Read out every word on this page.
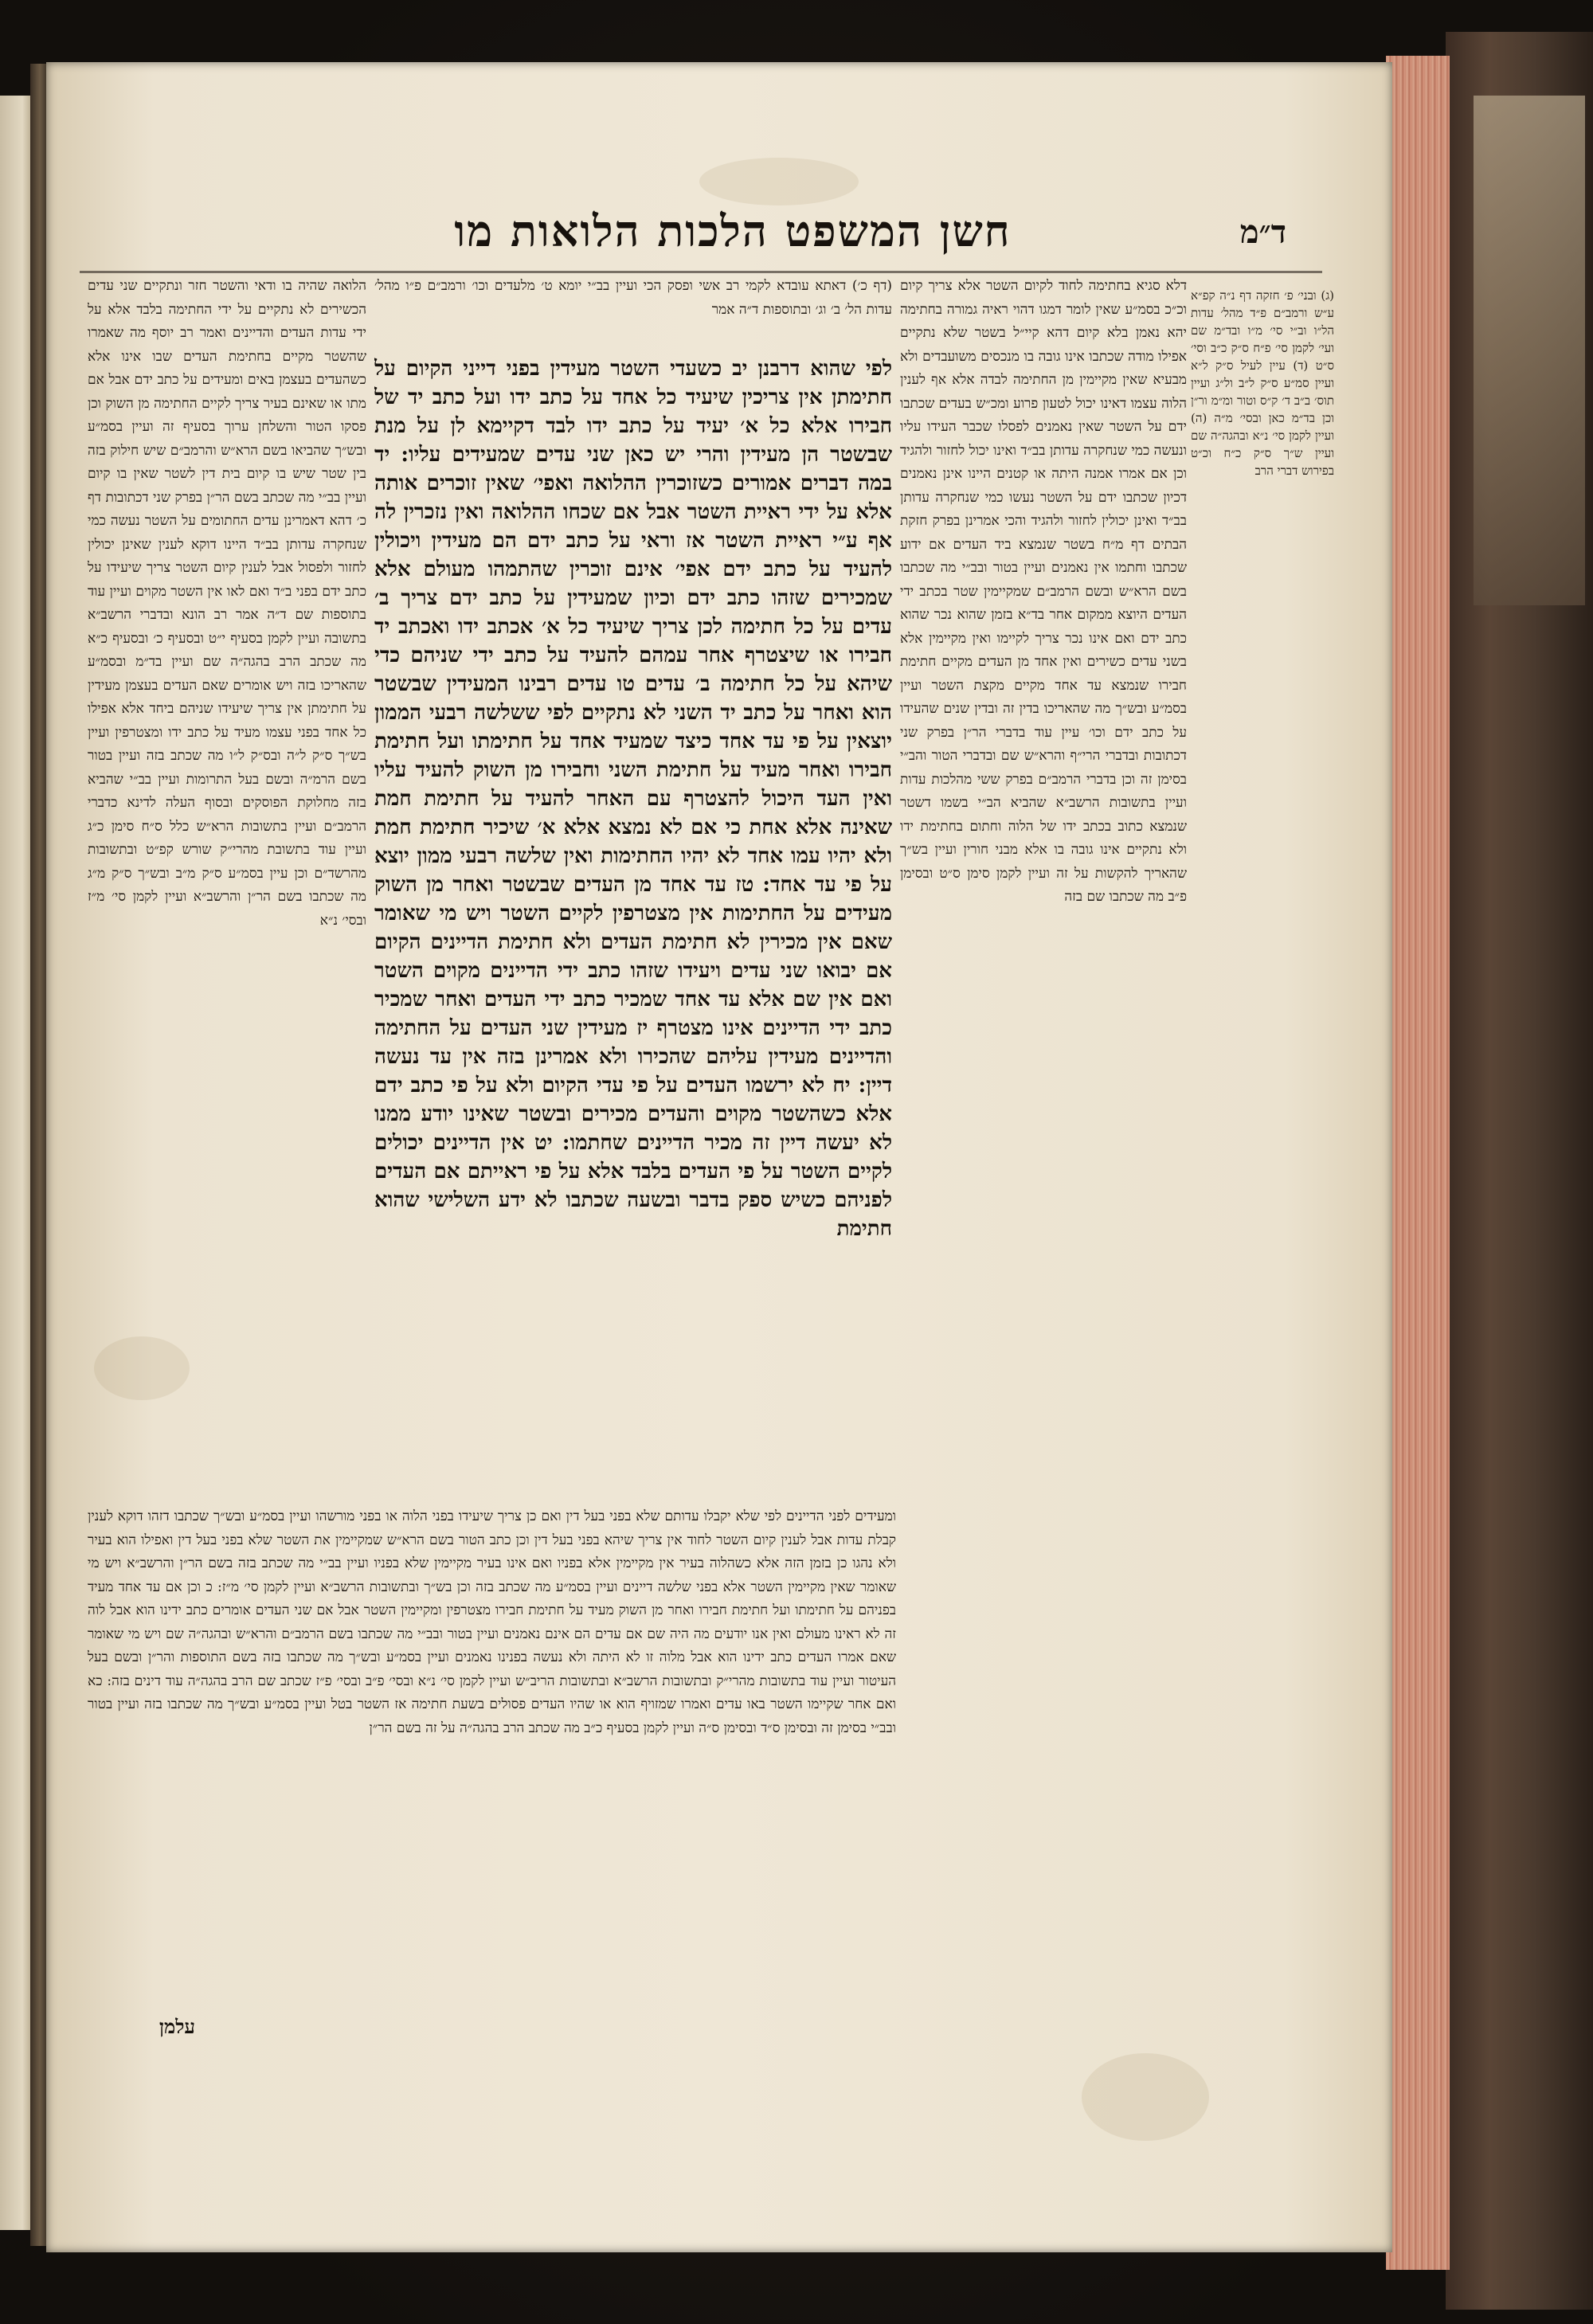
חשן המשפט הלכות הלואות מו	ד״מ
(ג) ובני׳ פ׳ חזקה דף נ״ה קפ״א ע״ש ורמב״ם פ״ד מהל׳ עדות הל״ו וב״י סי׳ מ״ו ובד״מ שם ועי׳ לקמן סי׳ פ״ח ס״ק כ״ב וסי׳ ס״ט (ד) עיין לעיל ס״ק ל״א ועיין סמ״ע ס״ק ל״ב ול״ג ועיין תוס׳ ב״ב ד׳ ק״ס וטור ומ״מ ור״ן וכן בד״מ כאן ובסי׳ מ״ה (ה) ועיין לקמן סי׳ נ״א ובהגה״ה שם ועיין ש״ך ס״ק כ״ח וכ״ט בפירוש דברי הרב
דלא סגיא בחתימה לחוד לקיום השטר אלא צריך קיום וכ״כ בסמ״ע שאין לומר דמגו דהוי ראיה גמורה בחתימה יהא נאמן בלא קיום דהא קיי״ל בשטר שלא נתקיים אפילו מודה שכתבו אינו גובה בו מנכסים משועבדים ולא מבעיא שאין מקיימין מן החתימה לבדה אלא אף לענין הלוה עצמו דאינו יכול לטעון פרוע ומכ״ש בעדים שכתבו ידם על השטר שאין נאמנים לפסלו שכבר העידו עליו ונעשה כמי שנחקרה עדותן בב״ד ואינו יכול לחזור ולהגיד וכן אם אמרו אמנה היתה או קטנים היינו אינן נאמנים דכיון שכתבו ידם על השטר נעשו כמי שנחקרה עדותן בב״ד ואינן יכולין לחזור ולהגיד והכי אמרינן בפרק חזקת הבתים דף מ״ח בשטר שנמצא ביד העדים אם ידוע שכתבו וחתמו אין נאמנים ועיין בטור ובב״י מה שכתבו בשם הרא״ש ובשם הרמב״ם שמקיימין שטר בכתב ידי העדים היוצא ממקום אחר בד״א בזמן שהוא נכר שהוא כתב ידם ואם אינו נכר צריך לקיימו ואין מקיימין אלא בשני עדים כשירים ואין אחד מן העדים מקיים חתימת חבירו שנמצא עד אחד מקיים מקצת השטר ועיין בסמ״ע ובש״ך מה שהאריכו בדין זה ובדין שנים שהעידו על כתב ידם וכו׳ עיין עוד בדברי הר״ן בפרק שני דכתובות ובדברי הרי״ף והרא״ש שם ובדברי הטור והב״י בסימן זה וכן בדברי הרמב״ם בפרק ששי מהלכות עדות ועיין בתשובות הרשב״א שהביא הב״י בשמו דשטר שנמצא כתוב בכתב ידו של הלוה וחתום בחתימת ידו ולא נתקיים אינו גובה בו אלא מבני חורין ועיין בש״ך שהאריך להקשות על זה ועיין לקמן סימן ס״ט ובסימן פ״ב מה שכתבו שם בזה
(דף כ׳) דאתא עובדא לקמי רב אשי ופסק הכי ועיין בב״י יומא ט׳ מלעדים וכו׳ ורמב״ם פ״ו מהל׳ עדות הל׳ ב׳ וג׳ ובתוספות ד״ה אמר
לפי שהוא דרבנן יב כשעדי השטר מעידין בפני דייני הקיום על חתימתן אין צריכין שיעיד כל אחד על כתב ידו ועל כתב יד של חבירו אלא כל א׳ יעיד על כתב ידו לבד דקיימא לן על מנת שבשטר הן מעידין והרי יש כאן שני עדים שמעידים עליו: יד במה דברים אמורים כשזוכרין ההלואה ואפי׳ שאין זוכרים אותה אלא על ידי ראיית השטר אבל אם שכחו ההלואה ואין נזכרין לה אף ע״י ראיית השטר אז וראי על כתב ידם הם מעידין ויכולין להעיד על כתב ידם אפי׳ אינם זוכרין שהתמהו מעולם אלא שמכירים שזהו כתב ידם וכיון שמעידין על כתב ידם צריך ב׳ עדים על כל חתימה לכן צריך שיעיד כל א׳ אכתב ידו ואכתב יד חבירו או שיצטרף אחר עמהם להעיד על כתב ידי שניהם כדי שיהא על כל חתימה ב׳ עדים טו עדים רבינו המעידין שבשטר הוא ואחר על כתב יד השני לא נתקיים לפי ששלשה רבעי הממון יוצאין על פי עד אחד כיצד שמעיד אחד על חתימתו ועל חתימת חבירו ואחר מעיד על חתימת השני וחבירו מן השוק להעיד עליו ואין העד היכול להצטרף עם האחר להעיד על חתימת חמת שאינה אלא אחת כי אם לא נמצא אלא א׳ שיכיר חתימת חמת ולא יהיו עמו אחד לא יהיו החתימות ואין שלשה רבעי ממון יוצא על פי עד אחד: טז עד אחד מן העדים שבשטר ואחר מן השוק מעידים על החתימות אין מצטרפין לקיים השטר ויש מי שאומר שאם אין מכירין לא חתימת העדים ולא חתימת הדיינים הקיום אם יבואו שני עדים ויעידו שזהו כתב ידי הדיינים מקוים השטר ואם אין שם אלא עד אחד שמכיר כתב ידי העדים ואחר שמכיר כתב ידי הדיינים אינו מצטרף יז מעידין שני העדים על החתימה והדיינים מעידין עליהם שהכירו ולא אמרינן בזה אין עד נעשה דיין: יח לא ירשמו העדים על פי עדי הקיום ולא על פי כתב ידם אלא כשהשטר מקוים והעדים מכירים ובשטר שאינו יודע ממנו לא יעשה דיין זה מכיר הדיינים שחתמו: יט אין הדיינים יכולים לקיים השטר על פי העדים בלבד אלא על פי ראייתם אם העדים לפניהם כשיש ספק בדבר ובשעה שכתבו לא ידע השלישי שהוא חתימת
הלואה שהיה בו ודאי והשטר חזר ונתקיים שני עדים הכשירים לא נתקיים על ידי החתימה בלבד אלא על ידי עדות העדים והדיינים ואמר רב יוסף מה שאמרו שהשטר מקיים בחתימת העדים שבו אינו אלא כשהעדים בעצמן באים ומעידים על כתב ידם אבל אם מתו או שאינם בעיר צריך לקיים החתימה מן השוק וכן פסקו הטור והשלחן ערוך בסעיף זה ועיין בסמ״ע ובש״ך שהביאו בשם הרא״ש והרמב״ם שיש חילוק בזה בין שטר שיש בו קיום בית דין לשטר שאין בו קיום ועיין בב״י מה שכתב בשם הר״ן בפרק שני דכתובות דף כ׳ דהא דאמרינן עדים החתומים על השטר נעשה כמי שנחקרה עדותן בב״ד היינו דוקא לענין שאינן יכולין לחזור ולפסול אבל לענין קיום השטר צריך שיעידו על כתב ידם בפני ב״ד ואם לאו אין השטר מקוים ועיין עוד בתוספות שם ד״ה אמר רב הונא ובדברי הרשב״א בתשובה ועיין לקמן בסעיף י״ט ובסעיף כ׳ ובסעיף כ״א מה שכתב הרב בהגה״ה שם ועיין בד״מ ובסמ״ע שהאריכו בזה ויש אומרים שאם העדים בעצמן מעידין על חתימתן אין צריך שיעידו שניהם ביחד אלא אפילו כל אחד בפני עצמו מעיד על כתב ידו ומצטרפין ועיין בש״ך ס״ק ל״ה ובס״ק ל״ו מה שכתב בזה ועיין בטור בשם הרמ״ה ובשם בעל התרומות ועיין בב״י שהביא בזה מחלוקת הפוסקים ובסוף העלה לדינא כדברי הרמב״ם ועיין בתשובות הרא״ש כלל ס״ח סימן כ״ג ועיין עוד בתשובת מהרי״ק שורש קפ״ט ובתשובות מהרשד״ם וכן עיין בסמ״ע ס״ק מ״ב ובש״ך ס״ק מ״ג מה שכתבו בשם הר״ן והרשב״א ועיין לקמן סי׳ מ״ז ובסי׳ נ״א
ומעידים לפני הדיינים לפי שלא יקבלו עדותם שלא בפני בעל דין ואם כן צריך שיעידו בפני הלוה או בפני מורשהו ועיין בסמ״ע ובש״ך שכתבו דזהו דוקא לענין קבלת עדות אבל לענין קיום השטר לחוד אין צריך שיהא בפני בעל דין וכן כתב הטור בשם הרא״ש שמקיימין את השטר שלא בפני בעל דין ואפילו הוא בעיר ולא נהגו כן בזמן הזה אלא כשהלוה בעיר אין מקיימין אלא בפניו ואם אינו בעיר מקיימין שלא בפניו ועיין בב״י מה שכתב בזה בשם הר״ן והרשב״א ויש מי שאומר שאין מקיימין השטר אלא בפני שלשה דיינים ועיין בסמ״ע מה שכתב בזה וכן בש״ך ובתשובות הרשב״א ועיין לקמן סי׳ מ״ז: כ וכן אם עד אחד מעיד בפניהם על חתימתו ועל חתימת חבירו ואחר מן השוק מעיד על חתימת חבירו מצטרפין ומקיימין השטר אבל אם שני העדים אומרים כתב ידינו הוא אבל לוה זה לא ראינו מעולם ואין אנו יודעים מה היה שם אם עדים הם אינם נאמנים ועיין בטור ובב״י מה שכתבו בשם הרמב״ם והרא״ש ובהגה״ה שם ויש מי שאומר שאם אמרו העדים כתב ידינו הוא אבל מלוה זו לא היתה ולא נעשה בפנינו נאמנים ועיין בסמ״ע ובש״ך מה שכתבו בזה בשם התוספות והר״ן ובשם בעל העיטור ועיין עוד בתשובות מהרי״ק ובתשובות הרשב״א ובתשובות הריב״ש ועיין לקמן סי׳ נ״א ובסי׳ פ״ב ובסי׳ פ״ז שכתב שם הרב בהגה״ה עוד דינים בזה: כא ואם אחר שקיימו השטר באו עדים ואמרו שמזויף הוא או שהיו העדים פסולים בשעת חתימה אז השטר בטל ועיין בסמ״ע ובש״ך מה שכתבו בזה ועיין בטור ובב״י בסימן זה ובסימן ס״ד ובסימן ס״ה ועיין לקמן בסעיף כ״ב מה שכתב הרב בהגה״ה על זה בשם הר״ן
עלמן
